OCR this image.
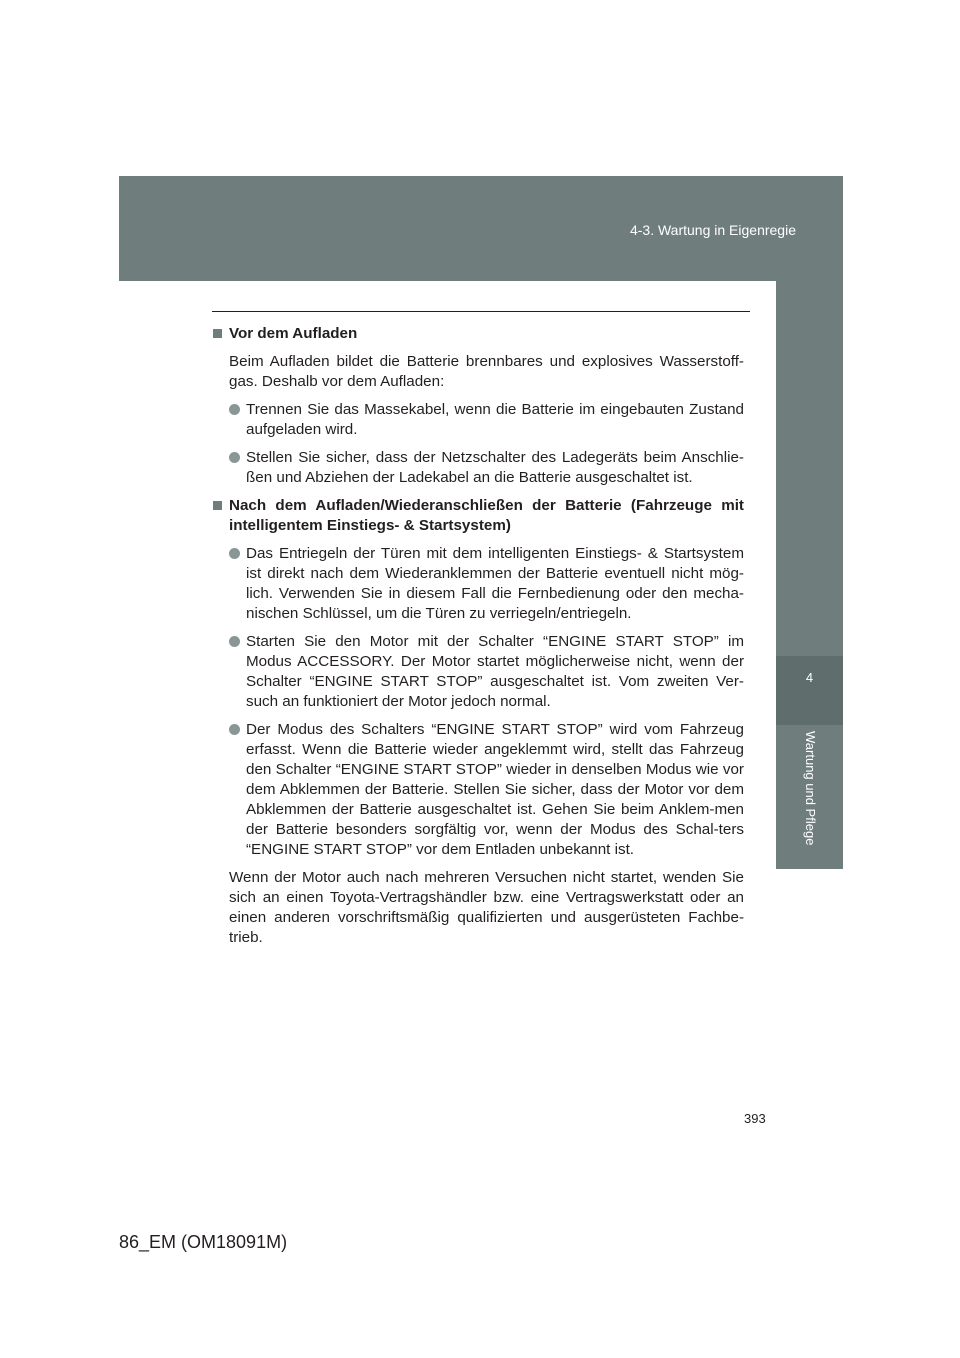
4-3. Wartung in Eigenregie
4
Wartung und Pflege
Vor dem Aufladen
Beim Aufladen bildet die Batterie brennbares und explosives Wasserstoff-gas. Deshalb vor dem Aufladen:
Trennen Sie das Massekabel, wenn die Batterie im eingebauten Zustand aufgeladen wird.
Stellen Sie sicher, dass der Netzschalter des Ladegeräts beim Anschlie-ßen und Abziehen der Ladekabel an die Batterie ausgeschaltet ist.
Nach dem Aufladen/Wiederanschließen der Batterie (Fahrzeuge mit intelligentem Einstiegs- & Startsystem)
Das Entriegeln der Türen mit dem intelligenten Einstiegs- & Startsystem ist direkt nach dem Wiederanklemmen der Batterie eventuell nicht mög-lich. Verwenden Sie in diesem Fall die Fernbedienung oder den mecha-nischen Schlüssel, um die Türen zu verriegeln/entriegeln.
Starten Sie den Motor mit der Schalter “ENGINE START STOP” im Modus ACCESSORY. Der Motor startet möglicherweise nicht, wenn der Schalter “ENGINE START STOP” ausgeschaltet ist. Vom zweiten Ver-such an funktioniert der Motor jedoch normal.
Der Modus des Schalters “ENGINE START STOP” wird vom Fahrzeug erfasst. Wenn die Batterie wieder angeklemmt wird, stellt das Fahrzeug den Schalter “ENGINE START STOP” wieder in denselben Modus wie vor dem Abklemmen der Batterie. Stellen Sie sicher, dass der Motor vor dem Abklemmen der Batterie ausgeschaltet ist. Gehen Sie beim Anklem-men der Batterie besonders sorgfältig vor, wenn der Modus des Schal-ters “ENGINE START STOP” vor dem Entladen unbekannt ist.
Wenn der Motor auch nach mehreren Versuchen nicht startet, wenden Sie sich an einen Toyota-Vertragshändler bzw. eine Vertragswerkstatt oder an einen anderen vorschriftsmäßig qualifizierten und ausgerüsteten Fachbe-trieb.
393
86_EM (OM18091M)
